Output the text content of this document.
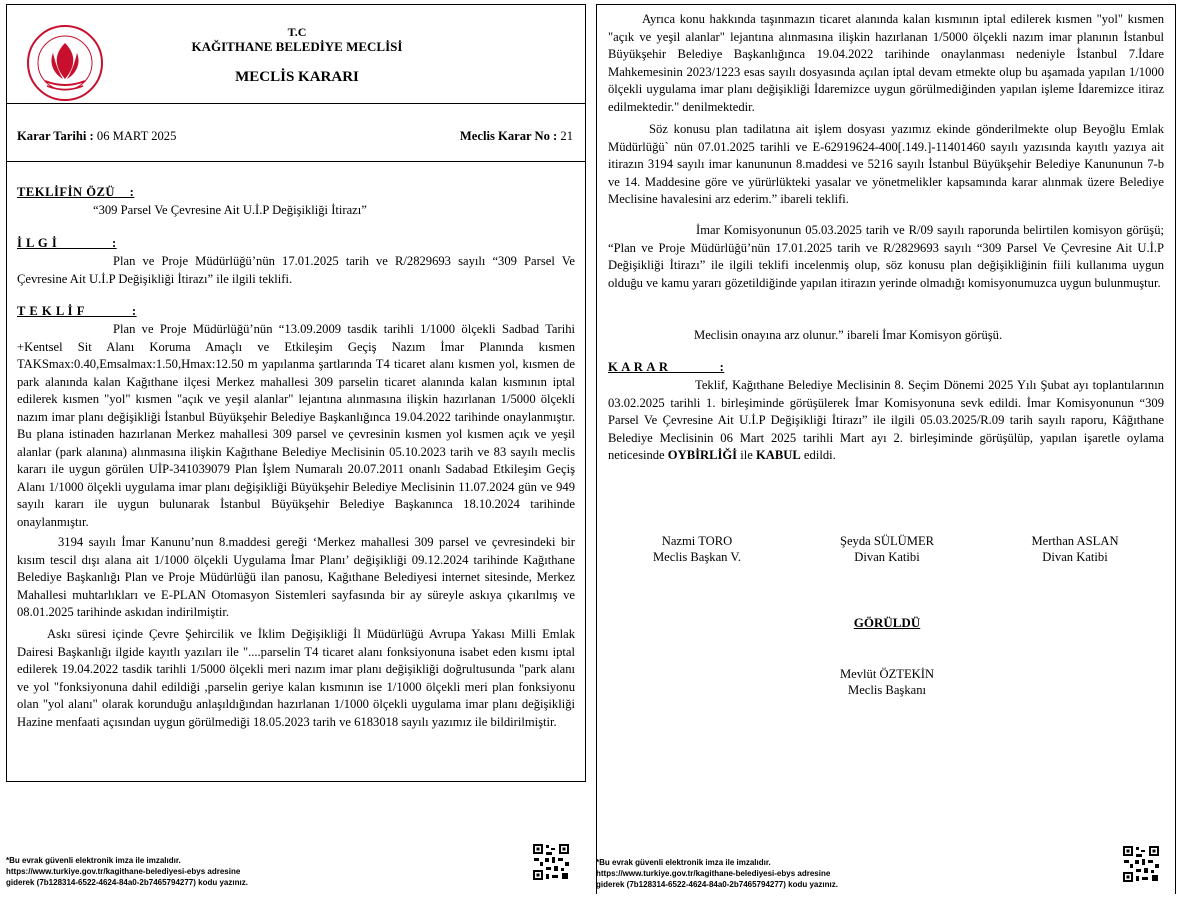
T.C
KAĞITHANE BELEDİYE MECLİSİ
MECLİS KARARI
Karar Tarihi : 06 MART 2025	Meclis Karar No : 21
TEKLİFİN ÖZÜ    :
“309 Parsel Ve Çevresine Ait U.İ.P Değişikliği İtirazı”
İ L G İ               :

Plan ve Proje Müdürlüğü’nün 17.01.2025 tarih ve R/2829693 sayılı “309 Parsel Ve Çevresine Ait U.İ.P Değişikliği İtirazı” ile ilgili teklifi.

T E K L İ F             :

Plan ve Proje Müdürlüğü’nün “13.09.2009 tasdik tarihli 1/1000 ölçekli Sadbad Tarihi +Kentsel Sit Alanı Koruma Amaçlı ve Etkileşim Geçiş Nazım İmar Planında kısmen TAKSmax:0.40,Emsalmax:1.50,Hmax:12.50 m yapılanma şartlarında T4 ticaret alanı kısmen yol, kısmen de park alanında kalan Kağıthane ilçesi Merkez mahallesi 309 parselin ticaret alanında kalan kısmının iptal edilerek kısmen "yol" kısmen "açık ve yeşil alanlar" lejantına alınmasına ilişkin hazırlanan 1/5000 ölçekli nazım imar planı değişikliği İstanbul Büyükşehir Belediye Başkanlığınca 19.04.2022 tarihinde onaylanmıştır. Bu plana istinaden hazırlanan Merkez mahallesi 309 parsel ve çevresinin kısmen yol kısmen açık ve yeşil alanlar (park alanına) alınmasına ilişkin Kağıthane Belediye Meclisinin 05.10.2023 tarih ve 83 sayılı meclis kararı ile uygun görülen UİP-341039079 Plan İşlem Numaralı 20.07.2011 onanlı Sadabad Etkileşim Geçiş Alanı 1/1000 ölçekli uygulama imar planı değişikliği Büyükşehir Belediye Meclisinin 11.07.2024 gün ve 949 sayılı kararı ile uygun bulunarak İstanbul Büyükşehir Belediye Başkanınca 18.10.2024 tarihinde onaylanmıştır.

3194 sayılı İmar Kanunu’nun 8.maddesi gereği ‘Merkez mahallesi 309 parsel ve çevresindeki bir kısım tescil dışı alana ait 1/1000 ölçekli Uygulama İmar Planı’ değişikliği 09.12.2024 tarihinde Kağıthane Belediye Başkanlığı Plan ve Proje Müdürlüğü ilan panosu, Kağıthane Belediyesi internet sitesinde, Merkez Mahallesi muhtarlıkları ve E-PLAN Otomasyon Sistemleri sayfasında bir ay süreyle askıya çıkarılmış ve 08.01.2025 tarihinde askıdan indirilmiştir.

Askı süresi içinde Çevre Şehircilik ve İklim Değişikliği İl Müdürlüğü Avrupa Yakası Milli Emlak Dairesi Başkanlığı ilgide kayıtlı yazıları ile "....parselin T4 ticaret alanı fonksiyonuna isabet eden kısmı iptal edilerek 19.04.2022 tasdik tarihli 1/5000 ölçekli meri nazım imar planı değişikliği doğrultusunda "park alanı ve yol "fonksiyonuna dahil edildiği ,parselin geriye kalan kısmının ise 1/1000 ölçekli meri plan fonksiyonu olan "yol alanı" olarak korunduğu anlaşıldığından hazırlanan 1/1000 ölçekli uygulama imar planı değişikliği Hazine menfaati açısından uygun görülmediği 18.05.2023 tarih ve 6183018 sayılı yazımız ile bildirilmiştir.

*Bu evrak güvenli elektronik imza ile imzalıdır.
https://www.turkiye.gov.tr/kagithane-belediyesi-ebys adresine
giderek (7b128314-6522-4624-84a0-2b7465794277) kodu yazınız.

Ayrıca konu hakkında taşınmazın ticaret alanında kalan kısmının iptal edilerek kısmen "yol" kısmen "açık ve yeşil alanlar" lejantına alınmasına ilişkin hazırlanan 1/5000 ölçekli nazım imar planının İstanbul Büyükşehir Belediye Başkanlığınca 19.04.2022 tarihinde onaylanması nedeniyle İstanbul 7.İdare Mahkemesinin 2023/1223 esas sayılı dosyasında açılan iptal devam etmekte olup bu aşamada yapılan 1/1000 ölçekli uygulama imar planı değişikliği İdaremizce uygun görülmediğinden yapılan işleme İdaremizce itiraz edilmektedir." denilmektedir.

Söz konusu plan tadilatına ait işlem dosyası yazımız ekinde gönderilmekte olup Beyoğlu Emlak Müdürlüğü` nün 07.01.2025 tarihli ve E-62919624-400[.149.]-11401460 sayılı yazısında kayıtlı yazıya ait itirazın 3194 sayılı imar kanununun 8.maddesi ve 5216 sayılı İstanbul Büyükşehir Belediye Kanununun 7-b ve 14. Maddesine göre ve yürürlükteki yasalar ve yönetmelikler kapsamında karar alınmak üzere Belediye Meclisine havalesini arz ederim.” ibareli teklifi.

İmar Komisyonunun 05.03.2025 tarih ve R/09 sayılı raporunda belirtilen komisyon görüşü; “Plan ve Proje Müdürlüğü’nün 17.01.2025 tarih ve R/2829693 sayılı “309 Parsel Ve Çevresine Ait U.İ.P Değişikliği İtirazı” ile ilgili teklifi incelenmiş olup, söz konusu plan değişikliğinin fiili kullanıma uygun olduğu ve kamu yararı gözetildiğinde yapılan itirazın yerinde olmadığı komisyonumuzca uygun bulunmuştur.

Meclisin onayına arz olunur.” ibareli İmar Komisyon görüşü.

K A R A R              :

Teklif, Kağıthane Belediye Meclisinin 8. Seçim Dönemi 2025 Yılı Şubat ayı toplantılarının 03.02.2025 tarihli 1. birleşiminde görüşülerek İmar Komisyonuna sevk edildi. İmar Komisyonunun “309 Parsel Ve Çevresine Ait U.İ.P Değişikliği İtirazı” ile ilgili 05.03.2025/R.09 tarih sayılı raporu, Kâğıthane Belediye Meclisinin 06 Mart 2025 tarihli Mart ayı 2. birleşiminde görüşülüp, yapılan işaretle oylama neticesinde OYBİRLİĞİ ile KABUL edildi.

Nazmi TORO
Meclis Başkan V.
Şeyda SÜLÜMER
Divan Katibi
Merthan ASLAN
Divan Katibi
GÖRÜLDÜ
Mevlüt ÖZTEKİN
Meclis Başkanı
*Bu evrak güvenli elektronik imza ile imzalıdır.
https://www.turkiye.gov.tr/kagithane-belediyesi-ebys adresine
giderek (7b128314-6522-4624-84a0-2b7465794277) kodu yazınız.
